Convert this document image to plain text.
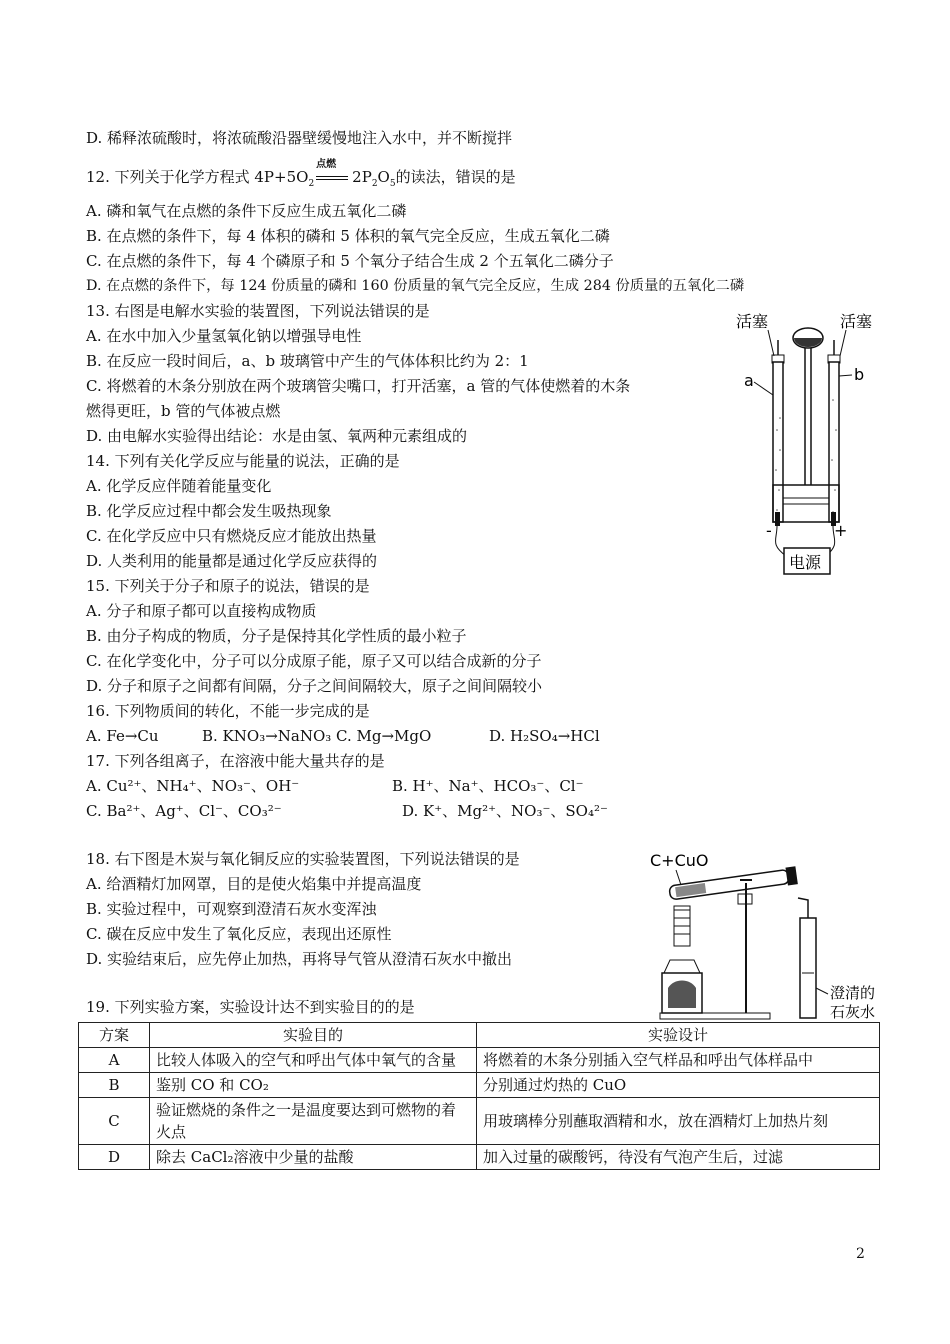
D. 稀释浓硫酸时，将浓硫酸沿器壁缓慢地注入水中，并不断搅拌
12. 下列关于化学方程式 $4P+5O_2$
点燃
$2P_2O_5$的读法，错误的是
A. 磷和氧气在点燃的条件下反应生成五氧化二磷
B. 在点燃的条件下，每 4 体积的磷和 5 体积的氧气完全反应，生成五氧化二磷
C. 在点燃的条件下，每 4 个磷原子和 5 个氧分子结合生成 2 个五氧化二磷分子
D. 在点燃的条件下，每 124 份质量的磷和 160 份质量的氧气完全反应，生成 284 份质量的五氧化二磷
13. 右图是电解水实验的装置图，下列说法错误的是
A. 在水中加入少量氢氧化钠以增强导电性
B. 在反应一段时间后，a、b 玻璃管中产生的气体体积比约为 2：1
C. 将燃着的木条分别放在两个玻璃管尖嘴口，打开活塞，a 管的气体使燃着的木条
燃得更旺，b 管的气体被点燃
D. 由电解水实验得出结论：水是由氢、氧两种元素组成的
14. 下列有关化学反应与能量的说法，正确的是
A. 化学反应伴随着能量变化
B. 化学反应过程中都会发生吸热现象
C. 在化学反应中只有燃烧反应才能放出热量
D. 人类利用的能量都是通过化学反应获得的
15. 下列关于分子和原子的说法，错误的是
A. 分子和原子都可以直接构成物质
B. 由分子构成的物质，分子是保持其化学性质的最小粒子
C. 在化学变化中，分子可以分成原子能，原子又可以结合成新的分子
D. 分子和原子之间都有间隔，分子之间间隔较大，原子之间间隔较小
16. 下列物质间的转化，不能一步完成的是
A. Fe→Cu	B. KNO₃→NaNO₃ C. Mg→MgO	D. H₂SO₄→HCl
17. 下列各组离子，在溶液中能大量共存的是
A. Cu²⁺、NH₄⁺、NO₃⁻、OH⁻	B. H⁺、Na⁺、HCO₃⁻、Cl⁻
C. Ba²⁺、Ag⁺、Cl⁻、CO₃²⁻	D. K⁺、Mg²⁺、NO₃⁻、SO₄²⁻
18. 右下图是木炭与氧化铜反应的实验装置图，下列说法错误的是
A. 给酒精灯加网罩，目的是使火焰集中并提高温度
B. 实验过程中，可观察到澄清石灰水变浑浊
C. 碳在反应中发生了氧化反应，表现出还原性
D. 实验结束后，应先停止加热，再将导气管从澄清石灰水中撤出
19. 下列实验方案，实验设计达不到实验目的的是
方案	实验目的	实验设计
A	比较人体吸入的空气和呼出气体中氧气的含量	将燃着的木条分别插入空气样品和呼出气体样品中
B	鉴别 CO 和 CO₂	分别通过灼热的 CuO
C	验证燃烧的条件之一是温度要达到可燃物的着火点	用玻璃棒分别蘸取酒精和水，放在酒精灯上加热片刻
D	除去 CaCl₂溶液中少量的盐酸	加入过量的碳酸钙，待没有气泡产生后，过滤
活塞	活塞
a	b
-	+
电源
C+CuO
澄清的
石灰水
2
